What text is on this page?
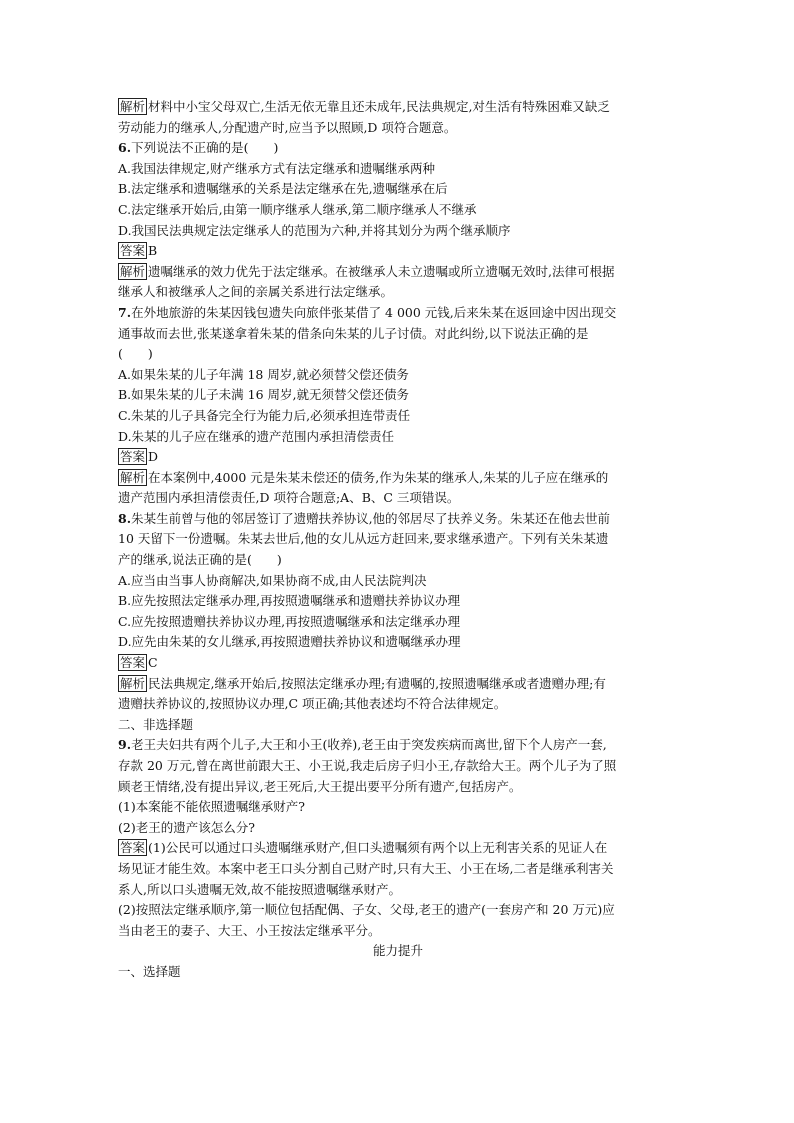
解析 材料中小宝父母双亡,生活无依无靠且还未成年,民法典规定,对生活有特殊困难又缺乏
劳动能力的继承人,分配遗产时,应当予以照顾,D 项符合题意。
6.下列说法不正确的是(　　)
A.我国法律规定,财产继承方式有法定继承和遗嘱继承两种
B.法定继承和遗嘱继承的关系是法定继承在先,遗嘱继承在后
C.法定继承开始后,由第一顺序继承人继承,第二顺序继承人不继承
D.我国民法典规定法定继承人的范围为六种,并将其划分为两个继承顺序
答案 B
解析 遗嘱继承的效力优先于法定继承。在被继承人未立遗嘱或所立遗嘱无效时,法律可根据
继承人和被继承人之间的亲属关系进行法定继承。
7.在外地旅游的朱某因钱包遗失向旅伴张某借了 4 000 元钱,后来朱某在返回途中因出现交
通事故而去世,张某遂拿着朱某的借条向朱某的儿子讨债。对此纠纷,以下说法正确的是
(　　)
A.如果朱某的儿子年满 18 周岁,就必须替父偿还债务
B.如果朱某的儿子未满 16 周岁,就无须替父偿还债务
C.朱某的儿子具备完全行为能力后,必须承担连带责任
D.朱某的儿子应在继承的遗产范围内承担清偿责任
答案 D
解析 在本案例中,4000 元是朱某未偿还的债务,作为朱某的继承人,朱某的儿子应在继承的
遗产范围内承担清偿责任,D 项符合题意;A、B、C 三项错误。
8.朱某生前曾与他的邻居签订了遗赠扶养协议,他的邻居尽了扶养义务。朱某还在他去世前
10 天留下一份遗嘱。朱某去世后,他的女儿从远方赶回来,要求继承遗产。下列有关朱某遗
产的继承,说法正确的是(　　)
A.应当由当事人协商解决,如果协商不成,由人民法院判决
B.应先按照法定继承办理,再按照遗嘱继承和遗赠扶养协议办理
C.应先按照遗赠扶养协议办理,再按照遗嘱继承和法定继承办理
D.应先由朱某的女儿继承,再按照遗赠扶养协议和遗嘱继承办理
答案 C
解析 民法典规定,继承开始后,按照法定继承办理;有遗嘱的,按照遗嘱继承或者遗赠办理;有
遗赠扶养协议的,按照协议办理,C 项正确;其他表述均不符合法律规定。
二、非选择题
9.老王夫妇共有两个儿子,大王和小王(收养),老王由于突发疾病而离世,留下个人房产一套,
存款 20 万元,曾在离世前跟大王、小王说,我走后房子归小王,存款给大王。两个儿子为了照
顾老王情绪,没有提出异议,老王死后,大王提出要平分所有遗产,包括房产。
(1)本案能不能依照遗嘱继承财产?
(2)老王的遗产该怎么分?
答案 (1)公民可以通过口头遗嘱继承财产,但口头遗嘱须有两个以上无利害关系的见证人在
场见证才能生效。本案中老王口头分割自己财产时,只有大王、小王在场,二者是继承利害关
系人,所以口头遗嘱无效,故不能按照遗嘱继承财产。
(2)按照法定继承顺序,第一顺位包括配偶、子女、父母,老王的遗产(一套房产和 20 万元)应
当由老王的妻子、大王、小王按法定继承平分。
能力提升
一、选择题
